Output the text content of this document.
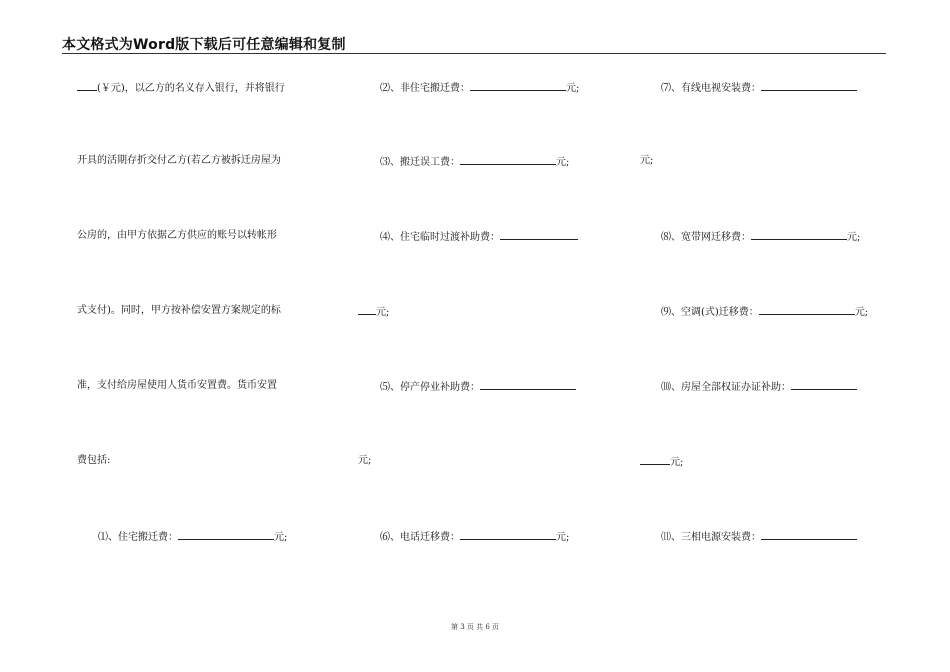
本文格式为Word版下载后可任意编辑和复制
(￥元)，以乙方的名义存入银行，并将银行
开具的活期存折交付乙方(若乙方被拆迁房屋为
公房的，由甲方依据乙方供应的账号以转帐形
式支付)。同时，甲方按补偿安置方案规定的标
准，支付给房屋使用人货币安置费。货币安置
费包括:
⑴、住宅搬迁费：	元;
⑵、非住宅搬迁费：	元;
⑶、搬迁误工费：	元;
⑷、住宅临时过渡补助费：
元;
⑸、停产停业补助费：
元;
⑹、电话迁移费：	元;
⑺、有线电视安装费：
元;
⑻、宽带网迁移费：	元;
⑼、空调(式)迁移费：	元;
⑽、房屋全部权证办证补助：
元;
⑾、三相电源安装费：
第 3 页 共 6 页
